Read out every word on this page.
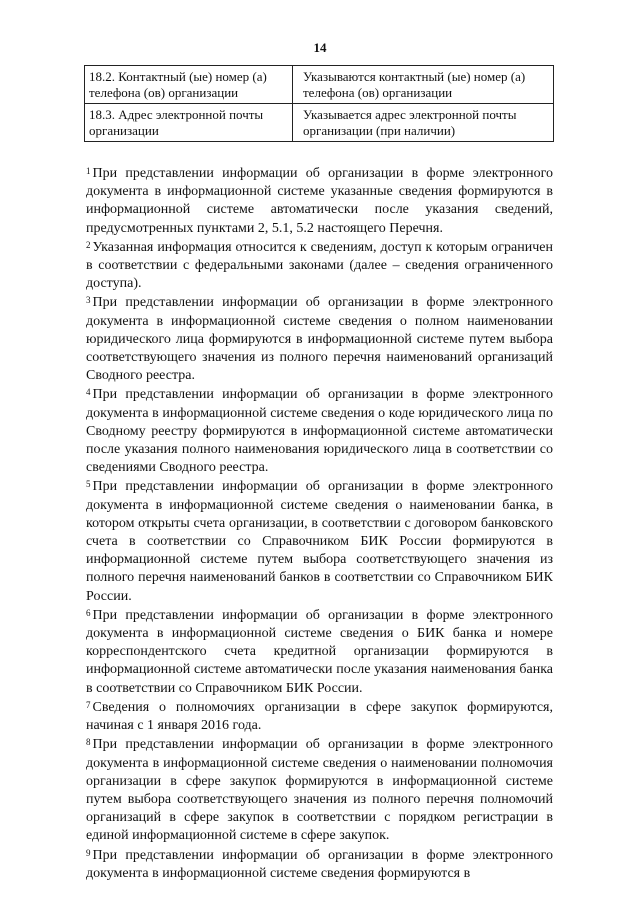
14
18.2. Контактный (ые) номер (а) телефона (ов) организации	Указываются контактный (ые) номер (а) телефона (ов) организации
18.3. Адрес электронной почты организации	Указывается адрес электронной почты организации (при наличии)

$^1$ При представлении информации об организации в форме электронного документа в информационной системе указанные сведения формируются в информационной системе автоматически после указания сведений, предусмотренных пунктами 2, 5.1, 5.2 настоящего Перечня.

$^2$ Указанная информация относится к сведениям, доступ к которым ограничен в соответствии с федеральными законами (далее – сведения ограниченного доступа).

$^3$ При представлении информации об организации в форме электронного документа в информационной системе сведения о полном наименовании юридического лица формируются в информационной системе путем выбора соответствующего значения из полного перечня наименований организаций Сводного реестра.

$^4$ При представлении информации об организации в форме электронного документа в информационной системе сведения о коде юридического лица по Сводному реестру формируются в информационной системе автоматически после указания полного наименования юридического лица в соответствии со сведениями Сводного реестра.

$^5$ При представлении информации об организации в форме электронного документа в информационной системе сведения о наименовании банка, в котором открыты счета организации, в соответствии с договором банковского счета в соответствии со Справочником БИК России формируются в информационной системе путем выбора соответствующего значения из полного перечня наименований банков в соответствии со Справочником БИК России.

$^6$ При представлении информации об организации в форме электронного документа в информационной системе сведения о БИК банка и номере корреспондентского счета кредитной организации формируются в информационной системе автоматически после указания наименования банка в соответствии со Справочником БИК России.

$^7$ Сведения о полномочиях организации в сфере закупок формируются, начиная с 1 января 2016 года.

$^8$ При представлении информации об организации в форме электронного документа в информационной системе сведения о наименовании полномочия организации в сфере закупок формируются в информационной системе путем выбора соответствующего значения из полного перечня полномочий организаций в сфере закупок в соответствии с порядком регистрации в единой информационной системе в сфере закупок.

$^9$ При представлении информации об организации в форме электронного документа в информационной системе сведения формируются в
